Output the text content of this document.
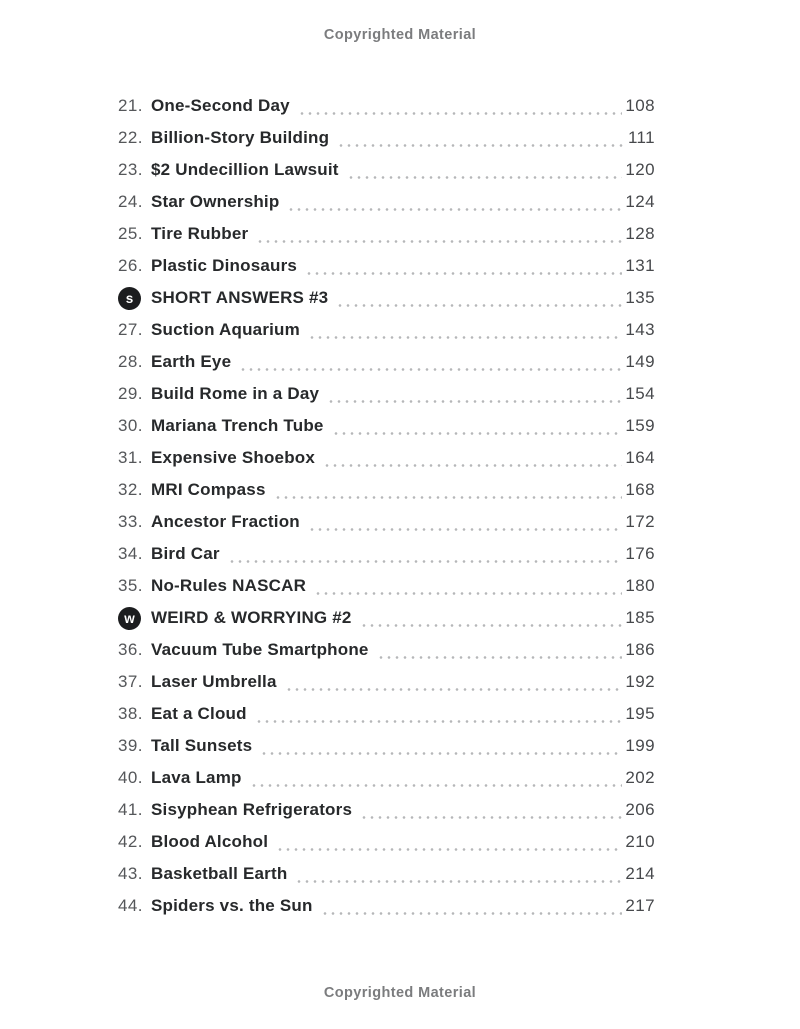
Copyrighted Material
21. One-Second Day	108
22. Billion-Story Building	111
23. $2 Undecillion Lawsuit	120
24. Star Ownership	124
25. Tire Rubber	128
26. Plastic Dinosaurs	131
s	SHORT ANSWERS #3	135
27. Suction Aquarium	143
28. Earth Eye	149
29. Build Rome in a Day	154
30. Mariana Trench Tube	159
31. Expensive Shoebox	164
32. MRI Compass	168
33. Ancestor Fraction	172
34. Bird Car	176
35. No-Rules NASCAR	180
w WEIRD & WORRYING #2	185
36. Vacuum Tube Smartphone	186
37. Laser Umbrella	192
38. Eat a Cloud	195
39. Tall Sunsets	199
40. Lava Lamp	202
41. Sisyphean Refrigerators	206
42. Blood Alcohol	210
43. Basketball Earth	214
44. Spiders vs. the Sun	217
Copyrighted Material
